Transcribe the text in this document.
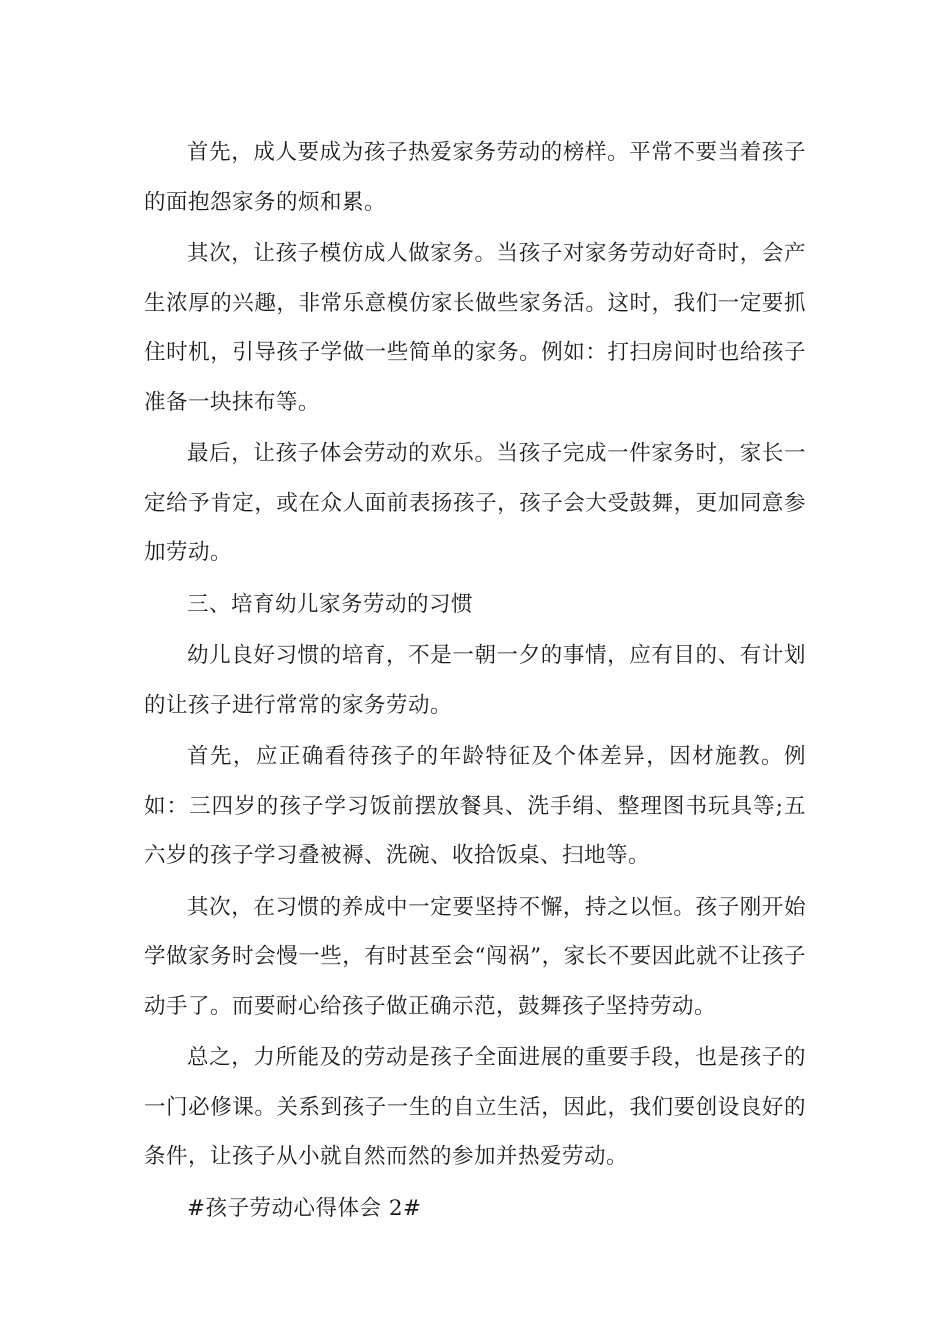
首先，成人要成为孩子热爱家务劳动的榜样。平常不要当着孩子的面抱怨家务的烦和累。

其次，让孩子模仿成人做家务。当孩子对家务劳动好奇时，会产生浓厚的兴趣，非常乐意模仿家长做些家务活。这时，我们一定要抓住时机，引导孩子学做一些简单的家务。例如：打扫房间时也给孩子准备一块抹布等。

最后，让孩子体会劳动的欢乐。当孩子完成一件家务时，家长一定给予肯定，或在众人面前表扬孩子，孩子会大受鼓舞，更加同意参加劳动。

三、培育幼儿家务劳动的习惯

幼儿良好习惯的培育，不是一朝一夕的事情，应有目的、有计划的让孩子进行常常的家务劳动。

首先，应正确看待孩子的年龄特征及个体差异，因材施教。例如：三四岁的孩子学习饭前摆放餐具、洗手绢、整理图书玩具等;五六岁的孩子学习叠被褥、洗碗、收拾饭桌、扫地等。

其次，在习惯的养成中一定要坚持不懈，持之以恒。孩子刚开始学做家务时会慢一些，有时甚至会“闯祸”，家长不要因此就不让孩子动手了。而要耐心给孩子做正确示范，鼓舞孩子坚持劳动。

总之，力所能及的劳动是孩子全面进展的重要手段，也是孩子的一门必修课。关系到孩子一生的自立生活，因此，我们要创设良好的条件，让孩子从小就自然而然的参加并热爱劳动。

#孩子劳动心得体会 2#
